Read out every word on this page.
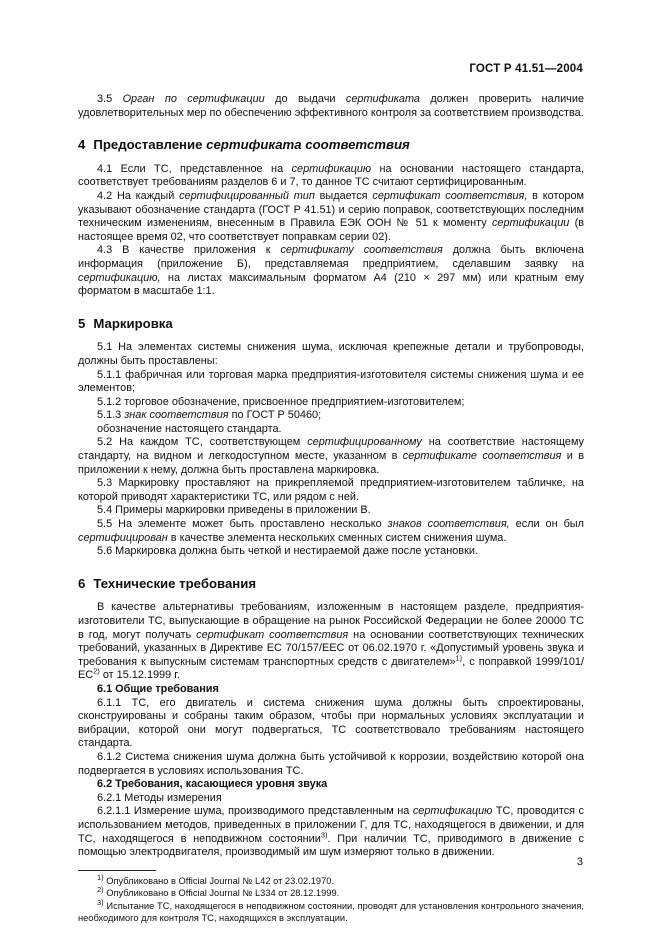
ГОСТ Р 41.51—2004

3.5 Орган по сертификации до выдачи сертификата должен проверить наличие удовлетворительных мер по обеспечению эффективного контроля за соответствием производства.

4 Предоставление сертификата соответствия

4.1 Если ТС, представленное на сертификацию на основании настоящего стандарта, соответствует требованиям разделов 6 и 7, то данное ТС считают сертифицированным.

4.2 На каждый сертифицированный тип выдается сертификат соответствия, в котором указывают обозначение стандарта (ГОСТ Р 41.51) и серию поправок, соответствующих последним техническим изменениям, внесенным в Правила ЕЭК ООН № 51 к моменту сертификации (в настоящее время 02, что соответствует поправкам серии 02).

4.3 В качестве приложения к сертификату соответствия должна быть включена информация (приложение Б), представляемая предприятием, сделавшим заявку на сертификацию, на листах максимальным форматом А4 (210 × 297 мм) или кратным ему форматом в масштабе 1:1.

5 Маркировка

5.1 На элементах системы снижения шума, исключая крепежные детали и трубопроводы, должны быть проставлены:

5.1.1 фабричная или торговая марка предприятия-изготовителя системы снижения шума и ее элементов;

5.1.2 торговое обозначение, присвоенное предприятием-изготовителем;

5.1.3 знак соответствия по ГОСТ Р 50460;

обозначение настоящего стандарта.

5.2 На каждом ТС, соответствующем сертифицированному на соответствие настоящему стандарту, на видном и легкодоступном месте, указанном в сертификате соответствия и в приложении к нему, должна быть проставлена маркировка.

5.3 Маркировку проставляют на прикрепляемой предприятием-изготовителем табличке, на которой приводят характеристики ТС, или рядом с ней.

5.4 Примеры маркировки приведены в приложении В.

5.5 На элементе может быть проставлено несколько знаков соответствия, если он был сертифицирован в качестве элемента нескольких сменных систем снижения шума.

5.6 Маркировка должна быть четкой и нестираемой даже после установки.

6 Технические требования

В качестве альтернативы требованиям, изложенным в настоящем разделе, предприятия-изготовители ТС, выпускающие в обращение на рынок Российской Федерации не более 20000 ТС в год, могут получать сертификат соответствия на основании соответствующих технических требований, указанных в Директиве ЕС 70/157/ЕЕС от 06.02.1970 г. «Допустимый уровень звука и требования к выпускным системам транспортных средств с двигателем»$^{1)}$, с поправкой 1999/101/ЕС$^{2)}$ от 15.12.1999 г.

6.1 Общие требования

6.1.1 ТС, его двигатель и система снижения шума должны быть спроектированы, сконструированы и собраны таким образом, чтобы при нормальных условиях эксплуатации и вибрации, которой они могут подвергаться, ТС соответствовало требованиям настоящего стандарта.

6.1.2 Система снижения шума должна быть устойчивой к коррозии, воздействию которой она подвергается в условиях использования ТС.

6.2 Требования, касающиеся уровня звука

6.2.1 Методы измерения

6.2.1.1 Измерение шума, производимого представленным на сертификацию ТС, проводится с использованием методов, приведенных в приложении Г, для ТС, находящегося в движении, и для ТС, находящегося в неподвижном состоянии$^{3)}$. При наличии ТС, приводимого в движение с помощью электродвигателя, производимый им шум измеряют только в движении.

$^{1)}$ Опубликовано в Official Journal № L42 от 23.02.1970.

$^{2)}$ Опубликовано в Official Journal № L334 от 28.12.1999.

$^{3)}$ Испытание ТС, находящегося в неподвижном состоянии, проводят для установления контрольного значения, необходимого для контроля ТС, находящихся в эксплуатации.

3
